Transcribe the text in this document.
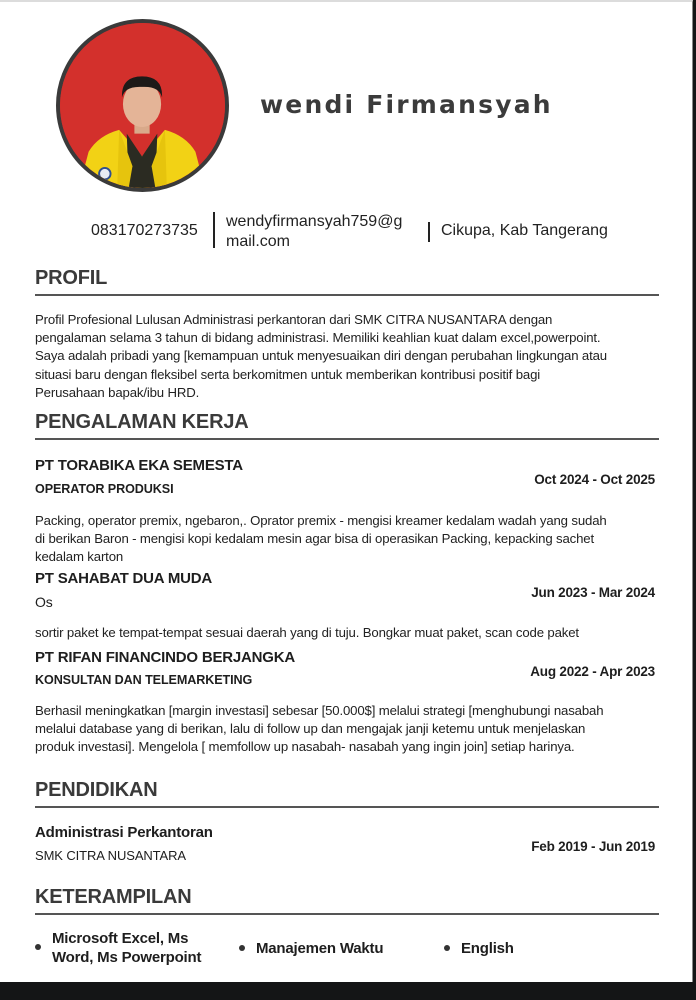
wendi Firmansyah
083170273735
wendyfirmansyah759@g
mail.com
Cikupa, Kab Tangerang
PROFIL
Profil Profesional Lulusan Administrasi perkantoran dari SMK CITRA NUSANTARA dengan
pengalaman selama 3 tahun di bidang administrasi. Memiliki keahlian kuat dalam excel,powerpoint.
Saya adalah pribadi yang [kemampuan untuk menyesuaikan diri dengan perubahan lingkungan atau
situasi baru dengan fleksibel serta berkomitmen untuk memberikan kontribusi positif bagi
Perusahaan bapak/ibu HRD.
PENGALAMAN KERJA
PT TORABIKA EKA SEMESTA
OPERATOR PRODUKSI
Oct 2024 - Oct 2025
Packing, operator premix, ngebaron,. Oprator premix - mengisi kreamer kedalam wadah yang sudah
di berikan Baron - mengisi kopi kedalam mesin agar bisa di operasikan Packing, kepacking sachet
kedalam karton
PT SAHABAT DUA MUDA
Os
Jun 2023 - Mar 2024
sortir paket ke tempat-tempat sesuai daerah yang di tuju. Bongkar muat paket, scan code paket
PT RIFAN FINANCINDO BERJANGKA
KONSULTAN DAN TELEMARKETING
Aug 2022 - Apr 2023
Berhasil meningkatkan [margin investasi] sebesar [50.000$] melalui strategi [menghubungi nasabah
melalui database yang di berikan, lalu di follow up dan mengajak janji ketemu untuk menjelaskan
produk investasi]. Mengelola [ memfollow up nasabah- nasabah yang ingin join] setiap harinya.
PENDIDIKAN
Administrasi Perkantoran
SMK CITRA NUSANTARA
Feb 2019 - Jun 2019
KETERAMPILAN
Microsoft Excel, Ms
Word, Ms Powerpoint
Manajemen Waktu	English
